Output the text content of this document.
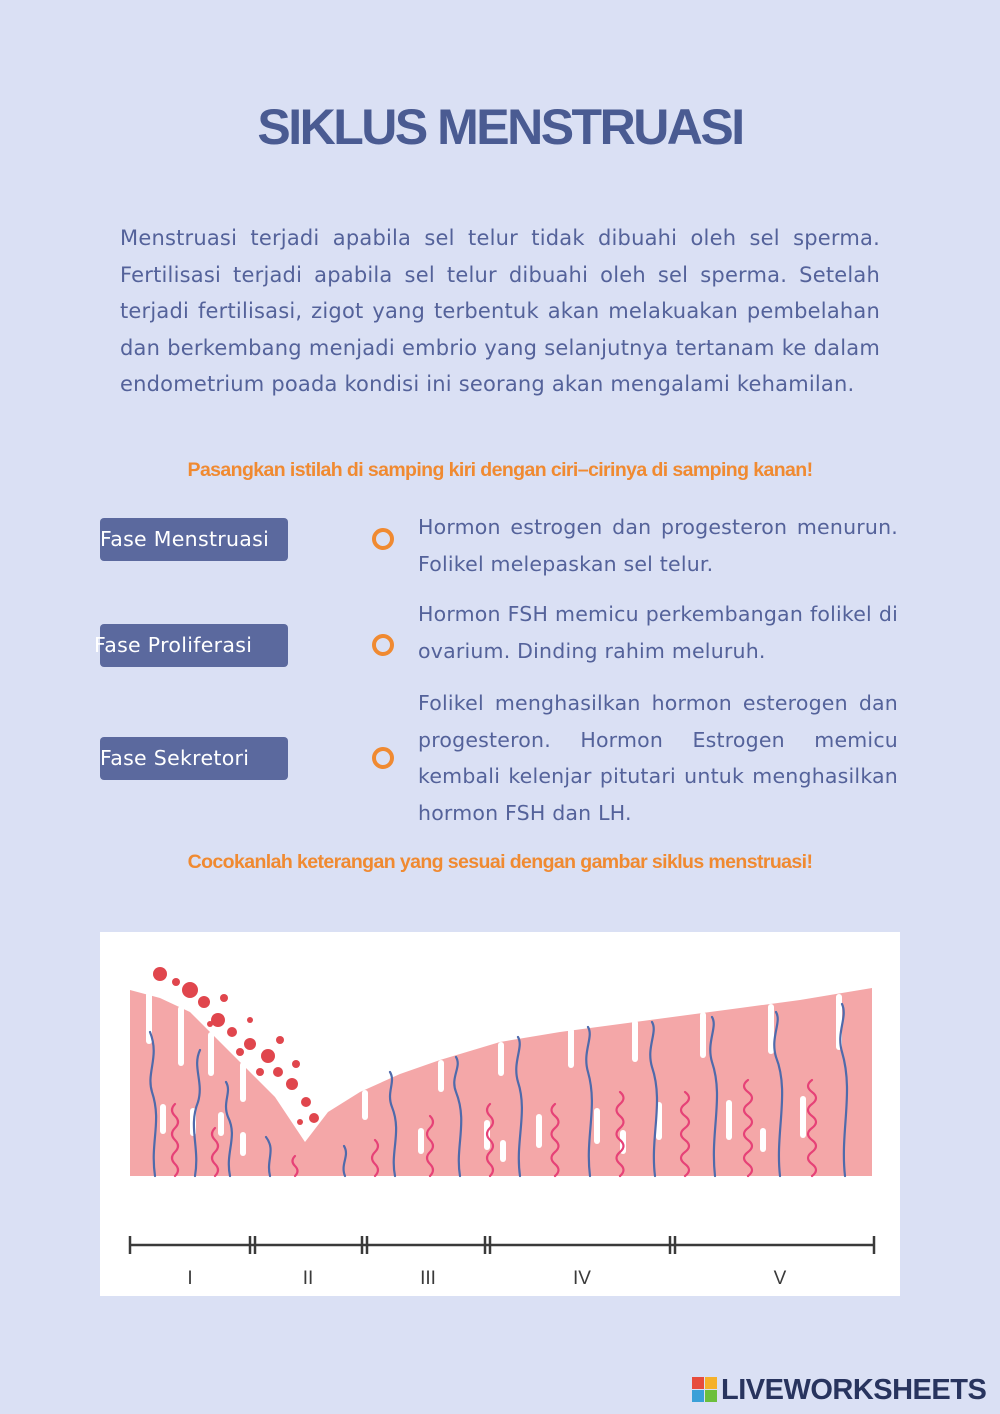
SIKLUS MENSTRUASI
Menstruasi terjadi apabila sel telur tidak dibuahi oleh sel sperma. Fertilisasi terjadi apabila sel telur dibuahi oleh sel sperma. Setelah terjadi fertilisasi, zigot yang terbentuk akan melakuakan pembelahan dan berkembang menjadi embrio yang selanjutnya tertanam ke dalam endometrium poada kondisi ini seorang akan mengalami kehamilan.
Pasangkan istilah di samping kiri dengan ciri–cirinya di samping kanan!
Fase Menstruasi
Fase Proliferasi
Fase Sekretori
Hormon estrogen dan progesteron menurun. Folikel melepaskan sel telur.
Hormon FSH memicu perkembangan folikel di ovarium. Dinding rahim meluruh.
Folikel menghasilkan hormon esterogen dan progesteron. Hormon Estrogen memicu kembali kelenjar pitutari untuk menghasilkan hormon FSH dan LH.
Cocokanlah keterangan yang sesuai dengan gambar siklus menstruasi!
I	II	III	IV	V
LIVEWORKSHEETS
